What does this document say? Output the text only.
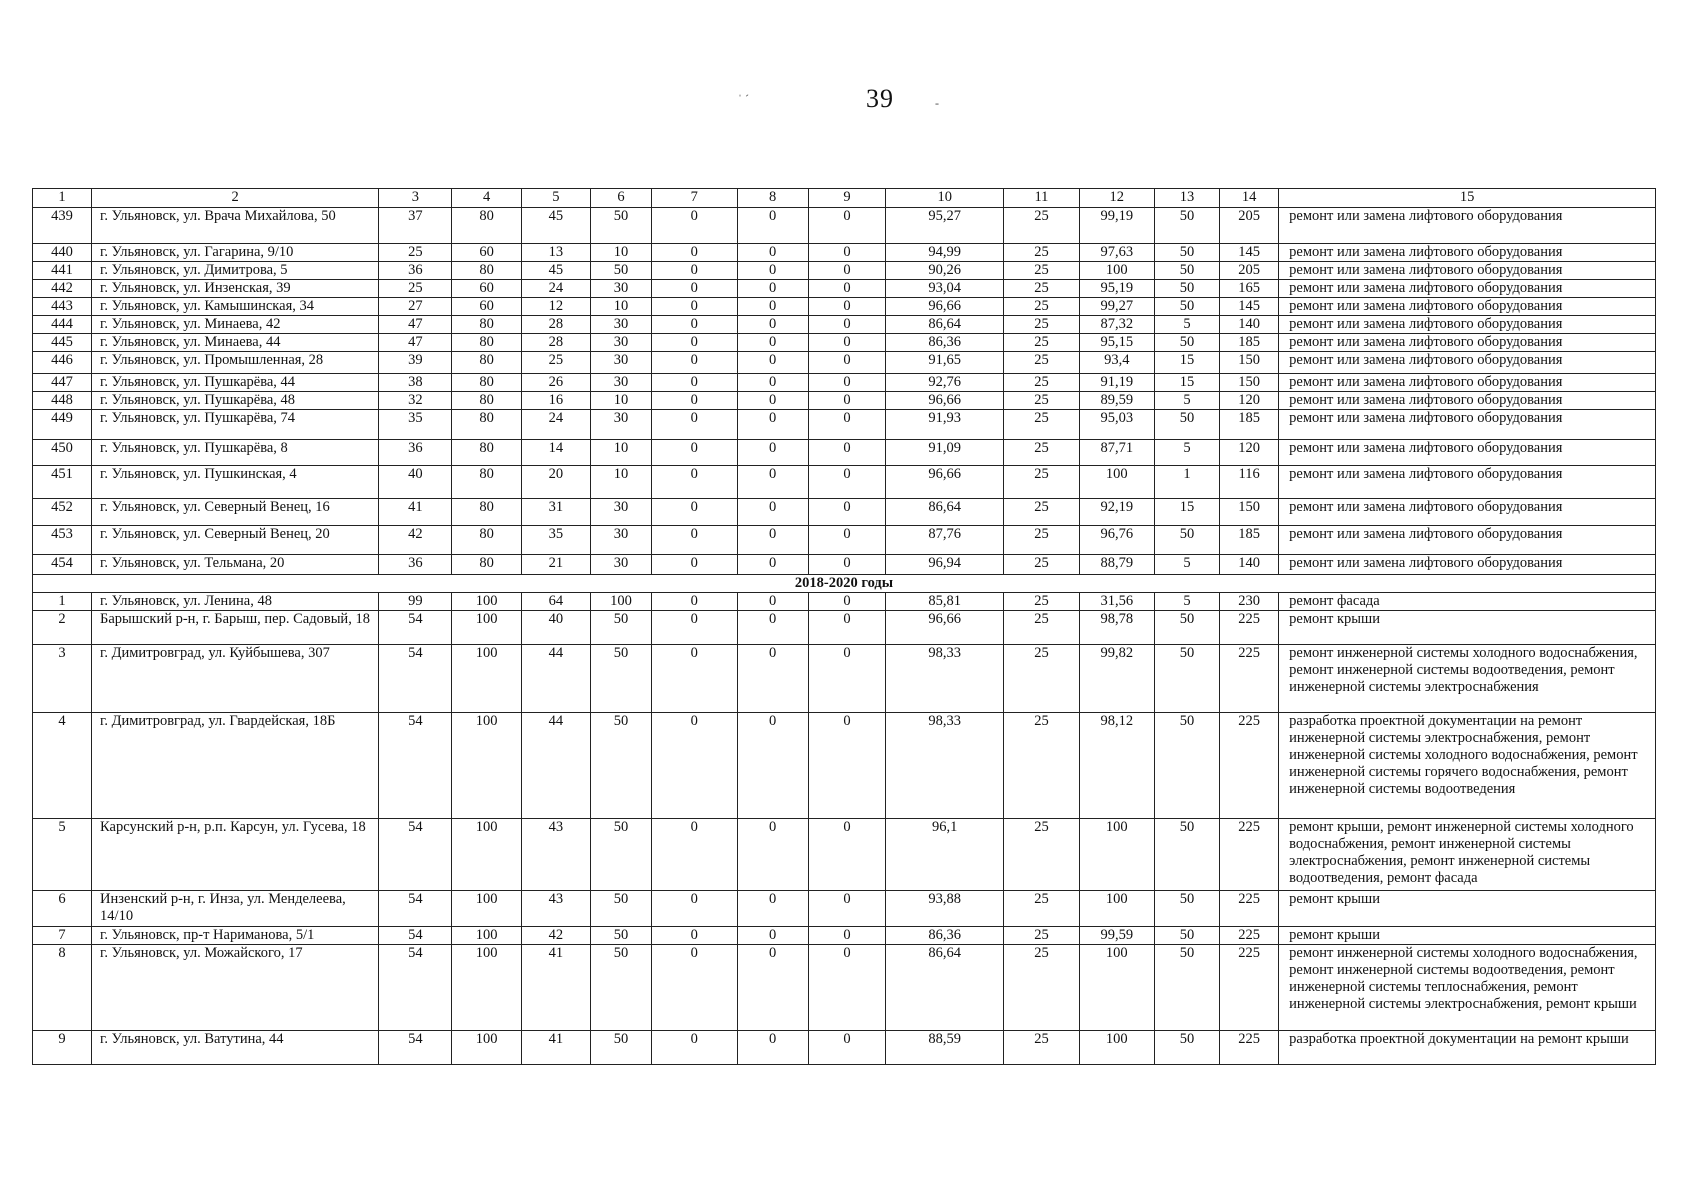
39
ˈ ˊ	-
1	2	3	4	5	6	7	8	9	10	11	12	13	14	15
439	г. Ульяновск, ул. Врача Михайлова, 50	37	80	45	50	0	0	0	95,27	25	99,19	50	205	ремонт или замена лифтового оборудования
440	г. Ульяновск, ул. Гагарина, 9/10	25	60	13	10	0	0	0	94,99	25	97,63	50	145	ремонт или замена лифтового оборудования
441	г. Ульяновск, ул. Димитрова, 5	36	80	45	50	0	0	0	90,26	25	100	50	205	ремонт или замена лифтового оборудования
442	г. Ульяновск, ул. Инзенская, 39	25	60	24	30	0	0	0	93,04	25	95,19	50	165	ремонт или замена лифтового оборудования
443	г. Ульяновск, ул. Камышинская, 34	27	60	12	10	0	0	0	96,66	25	99,27	50	145	ремонт или замена лифтового оборудования
444	г. Ульяновск, ул. Минаева, 42	47	80	28	30	0	0	0	86,64	25	87,32	5	140	ремонт или замена лифтового оборудования
445	г. Ульяновск, ул. Минаева, 44	47	80	28	30	0	0	0	86,36	25	95,15	50	185	ремонт или замена лифтового оборудования
446	г. Ульяновск, ул. Промышленная, 28	39	80	25	30	0	0	0	91,65	25	93,4	15	150	ремонт или замена лифтового оборудования
447	г. Ульяновск, ул. Пушкарёва, 44	38	80	26	30	0	0	0	92,76	25	91,19	15	150	ремонт или замена лифтового оборудования
448	г. Ульяновск, ул. Пушкарёва, 48	32	80	16	10	0	0	0	96,66	25	89,59	5	120	ремонт или замена лифтового оборудования
449	г. Ульяновск, ул. Пушкарёва, 74	35	80	24	30	0	0	0	91,93	25	95,03	50	185	ремонт или замена лифтового оборудования
450	г. Ульяновск, ул. Пушкарёва, 8	36	80	14	10	0	0	0	91,09	25	87,71	5	120	ремонт или замена лифтового оборудования
451	г. Ульяновск, ул. Пушкинская, 4	40	80	20	10	0	0	0	96,66	25	100	1	116	ремонт или замена лифтового оборудования
452	г. Ульяновск, ул. Северный Венец, 16	41	80	31	30	0	0	0	86,64	25	92,19	15	150	ремонт или замена лифтового оборудования
453	г. Ульяновск, ул. Северный Венец, 20	42	80	35	30	0	0	0	87,76	25	96,76	50	185	ремонт или замена лифтового оборудования
454	г. Ульяновск, ул. Тельмана, 20	36	80	21	30	0	0	0	96,94	25	88,79	5	140	ремонт или замена лифтового оборудования
2018-2020 годы														
1	г. Ульяновск, ул. Ленина, 48	99	100	64	100	0	0	0	85,81	25	31,56	5	230	ремонт фасада
2	Барышский р-н, г. Барыш, пер. Садовый, 18	54	100	40	50	0	0	0	96,66	25	98,78	50	225	ремонт крыши
3	г. Димитровград, ул. Куйбышева, 307	54	100	44	50	0	0	0	98,33	25	99,82	50	225	ремонт инженерной системы холодного водоснабжения, ремонт инженерной системы водоотведения, ремонт инженерной системы электроснабжения
4	г. Димитровград, ул. Гвардейская, 18Б	54	100	44	50	0	0	0	98,33	25	98,12	50	225	разработка проектной документации на ремонт инженерной системы электроснабжения, ремонт инженерной системы холодного водоснабжения, ремонт инженерной системы горячего водоснабжения, ремонт инженерной системы водоотведения
5	Карсунский р-н, р.п. Карсун, ул. Гусева, 18	54	100	43	50	0	0	0	96,1	25	100	50	225	ремонт крыши, ремонт инженерной системы холодного водоснабжения, ремонт инженерной системы электроснабжения, ремонт инженерной системы водоотведения, ремонт фасада
6	Инзенский р-н, г. Инза, ул. Менделеева, 14/10	54	100	43	50	0	0	0	93,88	25	100	50	225	ремонт крыши
7	г. Ульяновск, пр-т Нариманова, 5/1	54	100	42	50	0	0	0	86,36	25	99,59	50	225	ремонт крыши
8	г. Ульяновск, ул. Можайского, 17	54	100	41	50	0	0	0	86,64	25	100	50	225	ремонт инженерной системы холодного водоснабжения, ремонт инженерной системы водоотведения, ремонт инженерной системы теплоснабжения, ремонт инженерной системы электроснабжения, ремонт крыши
9	г. Ульяновск, ул. Ватутина, 44	54	100	41	50	0	0	0	88,59	25	100	50	225	разработка проектной документации на ремонт крыши
